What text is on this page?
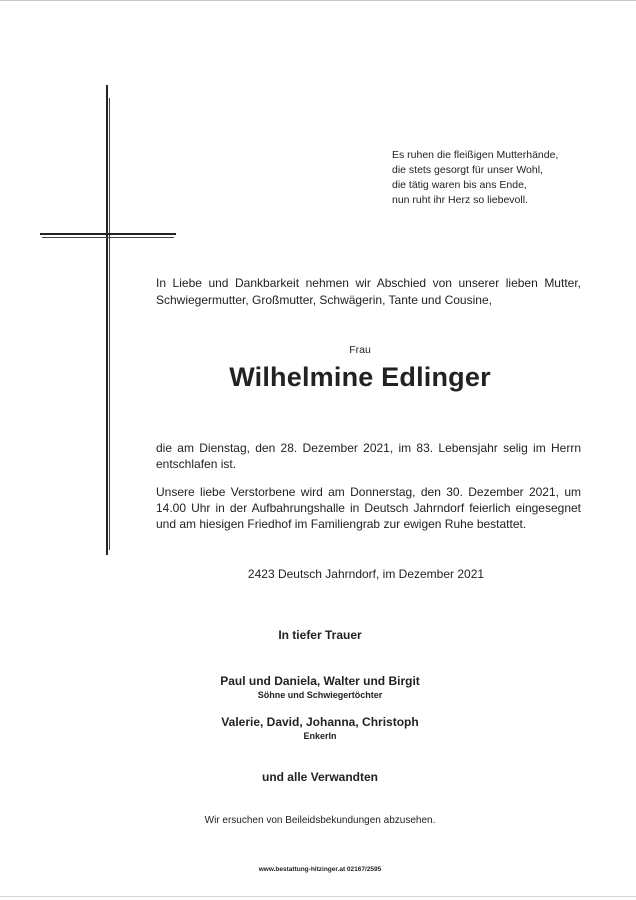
Es ruhen die fleißigen Mutterhände,
die stets gesorgt für unser Wohl,
die tätig waren bis ans Ende,
nun ruht ihr Herz so liebevoll.
In Liebe und Dankbarkeit nehmen wir Abschied von unserer lieben Mutter, Schwiegermutter, Großmutter, Schwägerin, Tante und Cousine,
Frau
Wilhelmine Edlinger
die am Dienstag, den 28. Dezember 2021, im 83. Lebensjahr selig im Herrn entschlafen ist.
Unsere liebe Verstorbene wird am Donnerstag, den 30. Dezember 2021, um 14.00 Uhr in der Aufbahrungshalle in Deutsch Jahrndorf feierlich eingesegnet und am hiesigen Friedhof im Familiengrab zur ewigen Ruhe bestattet.
2423 Deutsch Jahrndorf, im Dezember 2021
In tiefer Trauer
Paul und Daniela, Walter und Birgit
Söhne und Schwiegertöchter
Valerie, David, Johanna, Christoph
EnkerIn
und alle Verwandten
Wir ersuchen von Beileidsbekundungen abzusehen.
www.bestattung-hitzinger.at 02167/2595
